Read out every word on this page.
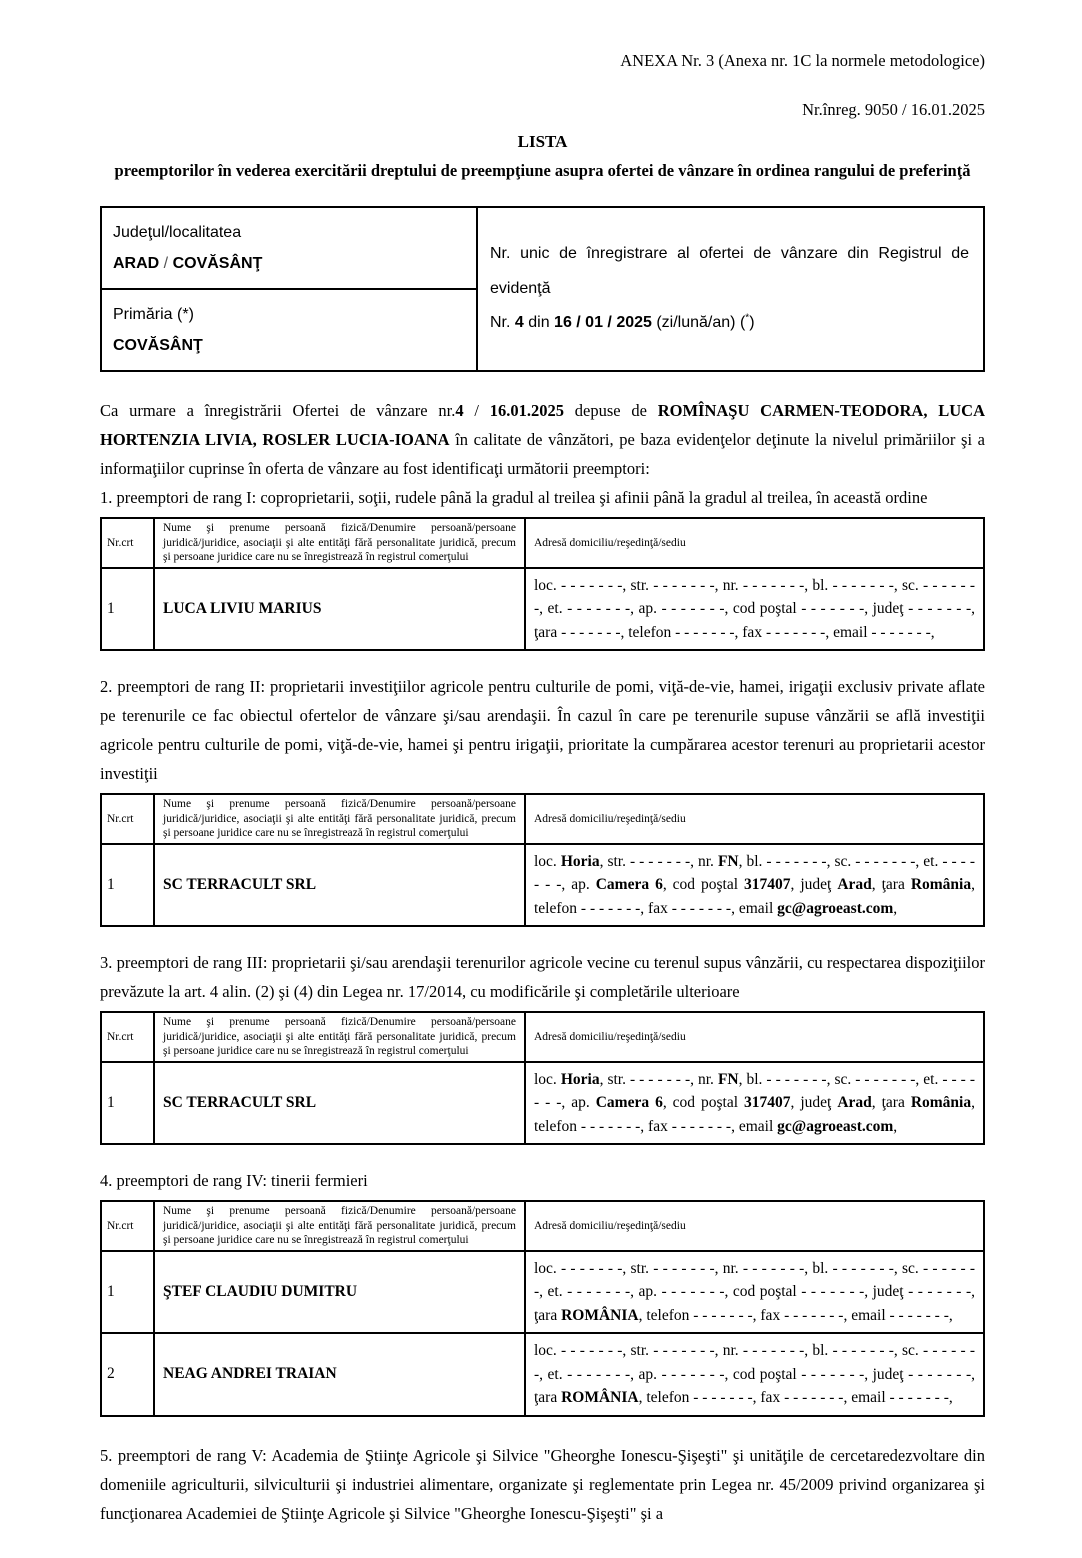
ANEXA Nr. 3 (Anexa nr. 1C la normele metodologice)
Nr.înreg. 9050 / 16.01.2025
LISTA
preemptorilor în vederea exercitării dreptului de preempţiune asupra ofertei de vânzare în ordinea rangului de preferinţă
Judeţul/localitatea
ARAD / COVĂSÂNŢ

Nr. unic de înregistrare al ofertei de vânzare din Registrul de evidenţă
Nr. 4 din 16 / 01 / 2025 (zi/lună/an) (*)

Primăria (*)
COVĂSÂNŢ

Ca urmare a înregistrării Ofertei de vânzare nr.4 / 16.01.2025 depuse de ROMÎNAŞU CARMEN-TEODORA, LUCA HORTENZIA LIVIA, ROSLER LUCIA-IOANA în calitate de vânzători, pe baza evidenţelor deţinute la nivelul primăriilor şi a informaţiilor cuprinse în oferta de vânzare au fost identificaţi următorii preemptori:

1. preemptori de rang I: coproprietarii, soţii, rudele până la gradul al treilea şi afinii până la gradul al treilea, în această ordine

Nr.crt	Nume şi prenume persoană fizică/Denumire persoană/persoane juridică/juridice, asociaţii şi alte entităţi fără personalitate juridică, precum şi persoane juridice care nu se înregistrează în registrul comerţului	Adresă domiciliu/reşedinţă/sediu
1	LUCA LIVIU MARIUS	loc. - - - - - - -, str. - - - - - - -, nr. - - - - - - -, bl. - - - - - - -, sc. - - - - - - -, et. - - - - - - -, ap. - - - - - - -, cod poştal - - - - - - -, judeţ - - - - - - -, ţara - - - - - - -, telefon - - - - - - -, fax - - - - - - -, email - - - - - - -,

2. preemptori de rang II: proprietarii investiţiilor agricole pentru culturile de pomi, viţă-de-vie, hamei, irigaţii exclusiv private aflate pe terenurile ce fac obiectul ofertelor de vânzare şi/sau arendaşii. În cazul în care pe terenurile supuse vânzării se află investiţii agricole pentru culturile de pomi, viţă-de-vie, hamei şi pentru irigaţii, prioritate la cumpărarea acestor terenuri au proprietarii acestor investiţii

Nr.crt	Nume şi prenume persoană fizică/Denumire persoană/persoane juridică/juridice, asociaţii şi alte entităţi fără personalitate juridică, precum şi persoane juridice care nu se înregistrează în registrul comerţului	Adresă domiciliu/reşedinţă/sediu
1	SC TERRACULT SRL	loc. Horia, str. - - - - - - -, nr. FN, bl. - - - - - - -, sc. - - - - - - -, et. - - - - - - -, ap. Camera 6, cod poştal 317407, judeţ Arad, ţara România, telefon - - - - - - -, fax - - - - - - -, email gc@agroeast.com,

3. preemptori de rang III: proprietarii şi/sau arendaşii terenurilor agricole vecine cu terenul supus vânzării, cu respectarea dispoziţiilor prevăzute la art. 4 alin. (2) şi (4) din Legea nr. 17/2014, cu modificările şi completările ulterioare

Nr.crt	Nume şi prenume persoană fizică/Denumire persoană/persoane juridică/juridice, asociaţii şi alte entităţi fără personalitate juridică, precum şi persoane juridice care nu se înregistrează în registrul comerţului	Adresă domiciliu/reşedinţă/sediu
1	SC TERRACULT SRL	loc. Horia, str. - - - - - - -, nr. FN, bl. - - - - - - -, sc. - - - - - - -, et. - - - - - - -, ap. Camera 6, cod poştal 317407, judeţ Arad, ţara România, telefon - - - - - - -, fax - - - - - - -, email gc@agroeast.com,

4. preemptori de rang IV: tinerii fermieri

Nr.crt	Nume şi prenume persoană fizică/Denumire persoană/persoane juridică/juridice, asociaţii şi alte entităţi fără personalitate juridică, precum şi persoane juridice care nu se înregistrează în registrul comerţului	Adresă domiciliu/reşedinţă/sediu
1	ŞTEF CLAUDIU DUMITRU	loc. - - - - - - -, str. - - - - - - -, nr. - - - - - - -, bl. - - - - - - -, sc. - - - - - - -, et. - - - - - - -, ap. - - - - - - -, cod poştal - - - - - - -, judeţ - - - - - - -, ţara ROMÂNIA, telefon - - - - - - -, fax - - - - - - -, email - - - - - - -,
2	NEAG ANDREI TRAIAN	loc. - - - - - - -, str. - - - - - - -, nr. - - - - - - -, bl. - - - - - - -, sc. - - - - - - -, et. - - - - - - -, ap. - - - - - - -, cod poştal - - - - - - -, judeţ - - - - - - -, ţara ROMÂNIA, telefon - - - - - - -, fax - - - - - - -, email - - - - - - -,

5. preemptori de rang V: Academia de Ştiinţe Agricole şi Silvice "Gheorghe Ionescu-Şişeşti" şi unităţile de cercetaredezvoltare din domeniile agriculturii, silviculturii şi industriei alimentare, organizate şi reglementate prin Legea nr. 45/2009 privind organizarea şi funcţionarea Academiei de Ştiinţe Agricole şi Silvice "Gheorghe Ionescu-Şişeşti" şi a
